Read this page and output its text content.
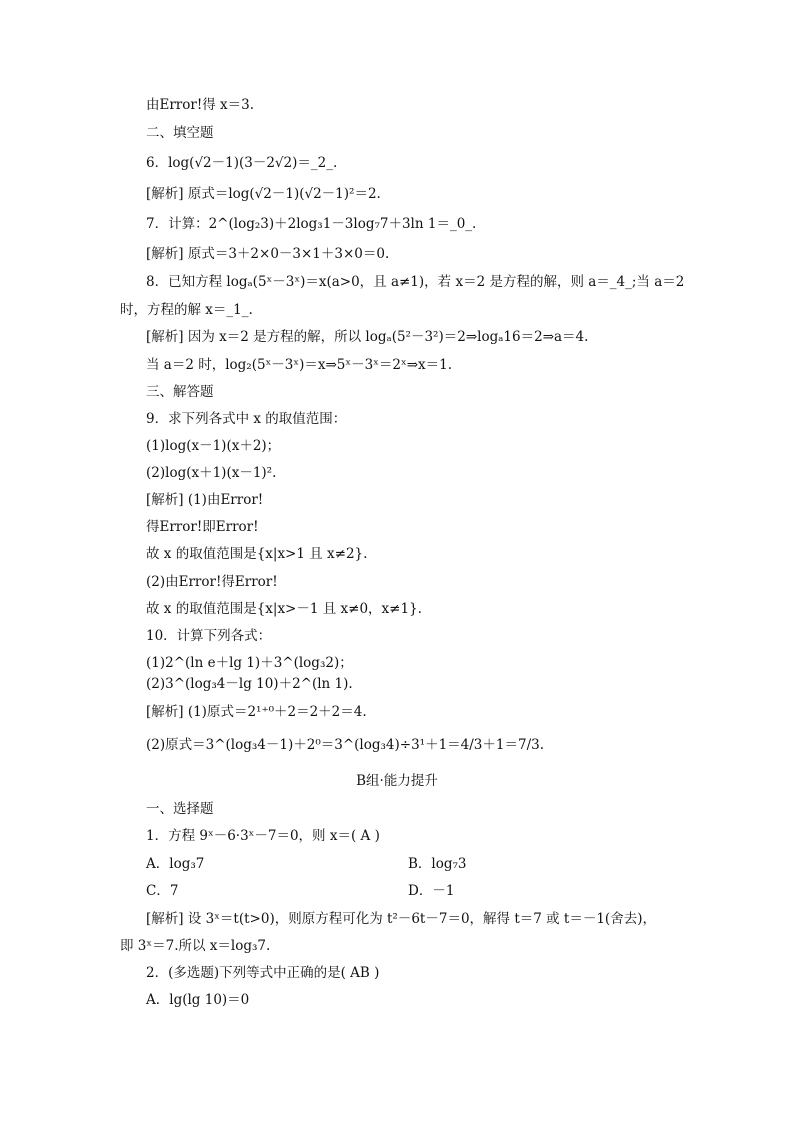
由Error!得 x＝3.
二、填空题
6．log(√2－1)(3－2√2)＝_2_.
[解析] 原式＝log(√2－1)(√2－1)²＝2.
7．计算：2^(log₂3)＋2log₃1－3log₇7＋3ln 1＝_0_.
[解析] 原式＝3＋2×0－3×1＋3×0＝0.
8．已知方程 logₐ(5ˣ－3ˣ)＝x(a>0，且 a≠1)，若 x＝2 是方程的解，则 a＝_4_;当 a＝2
时，方程的解 x＝_1_.
[解析] 因为 x＝2 是方程的解，所以 logₐ(5²－3²)＝2⇒logₐ16＝2⇒a＝4.
当 a＝2 时，log₂(5ˣ－3ˣ)＝x⇒5ˣ－3ˣ＝2ˣ⇒x＝1.
三、解答题
9．求下列各式中 x 的取值范围：
(1)log(x－1)(x＋2)；
(2)log(x＋1)(x－1)².
[解析] (1)由Error!
得Error!即Error!
故 x 的取值范围是{x|x>1 且 x≠2}.
(2)由Error!得Error!
故 x 的取值范围是{x|x>－1 且 x≠0，x≠1}.
10．计算下列各式：
(1)2^(ln e＋lg 1)＋3^(log₃2)；
(2)3^(log₃4－lg 10)＋2^(ln 1).
[解析] (1)原式＝2¹⁺⁰＋2＝2＋2＝4.
(2)原式＝3^(log₃4－1)＋2⁰＝3^(log₃4)÷3¹＋1＝4/3＋1＝7/3.
B组·能力提升
一、选择题
1．方程 9ˣ－6·3ˣ－7＝0，则 x＝( A )
A．log₃7	B．log₇3
C．7	D．－1
[解析] 设 3ˣ＝t(t>0)，则原方程可化为 t²－6t－7＝0，解得 t＝7 或 t＝－1(舍去)，
即 3ˣ＝7.所以 x＝log₃7.
2．(多选题)下列等式中正确的是( AB )
A．lg(lg 10)＝0
